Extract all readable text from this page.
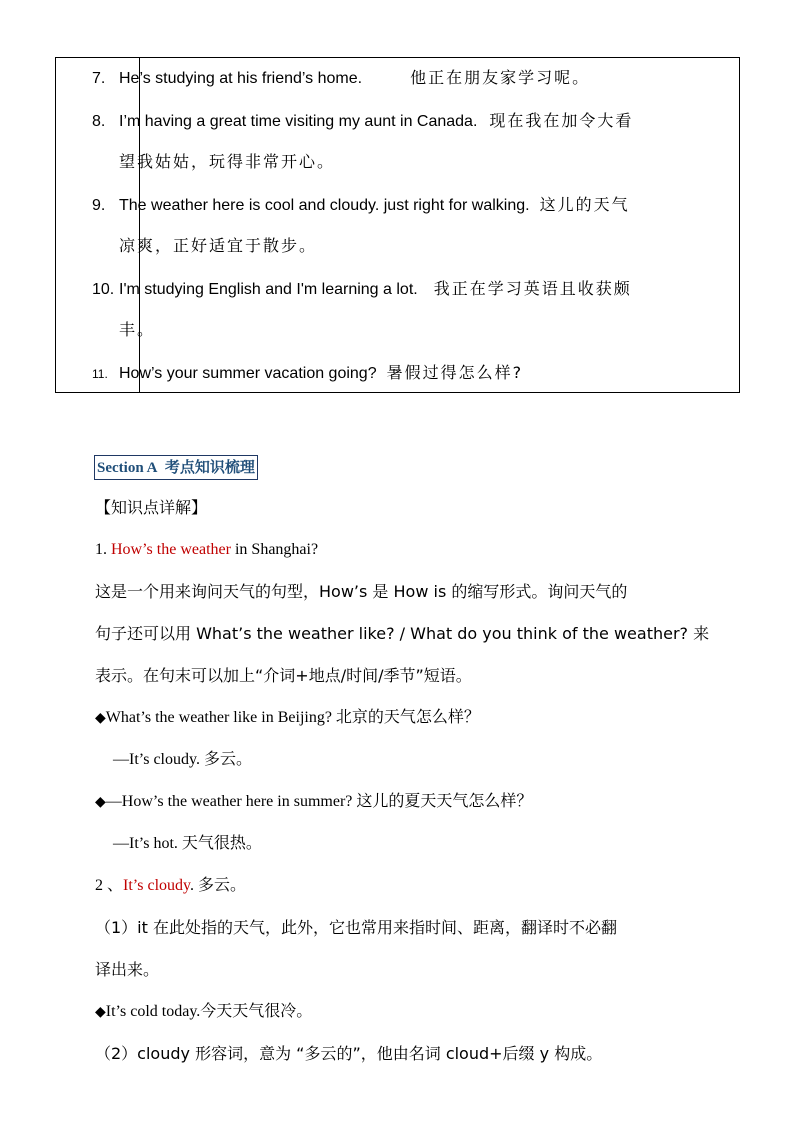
7. He’s studying at his friend’s home.	他正在朋友家学习呢。
8. I’m having a great time visiting my aunt in Canada. 现在我在加令大看
望我姑姑，玩得非常开心。
9. The weather here is cool and cloudy. just right for walking. 这儿的天气
凉爽，正好适宜于散步。
10. I'm studying English and I'm learning a lot. 我正在学习英语且收获颇
丰。
11. How’s your summer vacation going? 暑假过得怎么样?
Section A 考点知识梳理
【知识点详解】
1. How’s the weather in Shanghai?
这是一个用来询问天气的句型，How’s 是 How is 的缩写形式。询问天气的
句子还可以用 What’s the weather like? / What do you think of the weather? 来
表示。在句末可以加上“介词+地点/时间/季节”短语。
◆What’s the weather like in Beijing? 北京的天气怎么样？
—It’s cloudy. 多云。
◆—How’s the weather here in summer? 这儿的夏天天气怎么样？
—It’s hot. 天气很热。
2 、It’s cloudy. 多云。
（1）it 在此处指的天气，此外，它也常用来指时间、距离，翻译时不必翻
译出来。
◆It’s cold today.今天天气很冷。
（2）cloudy 形容词，意为 “多云的”，他由名词 cloud+后缀 y 构成。
